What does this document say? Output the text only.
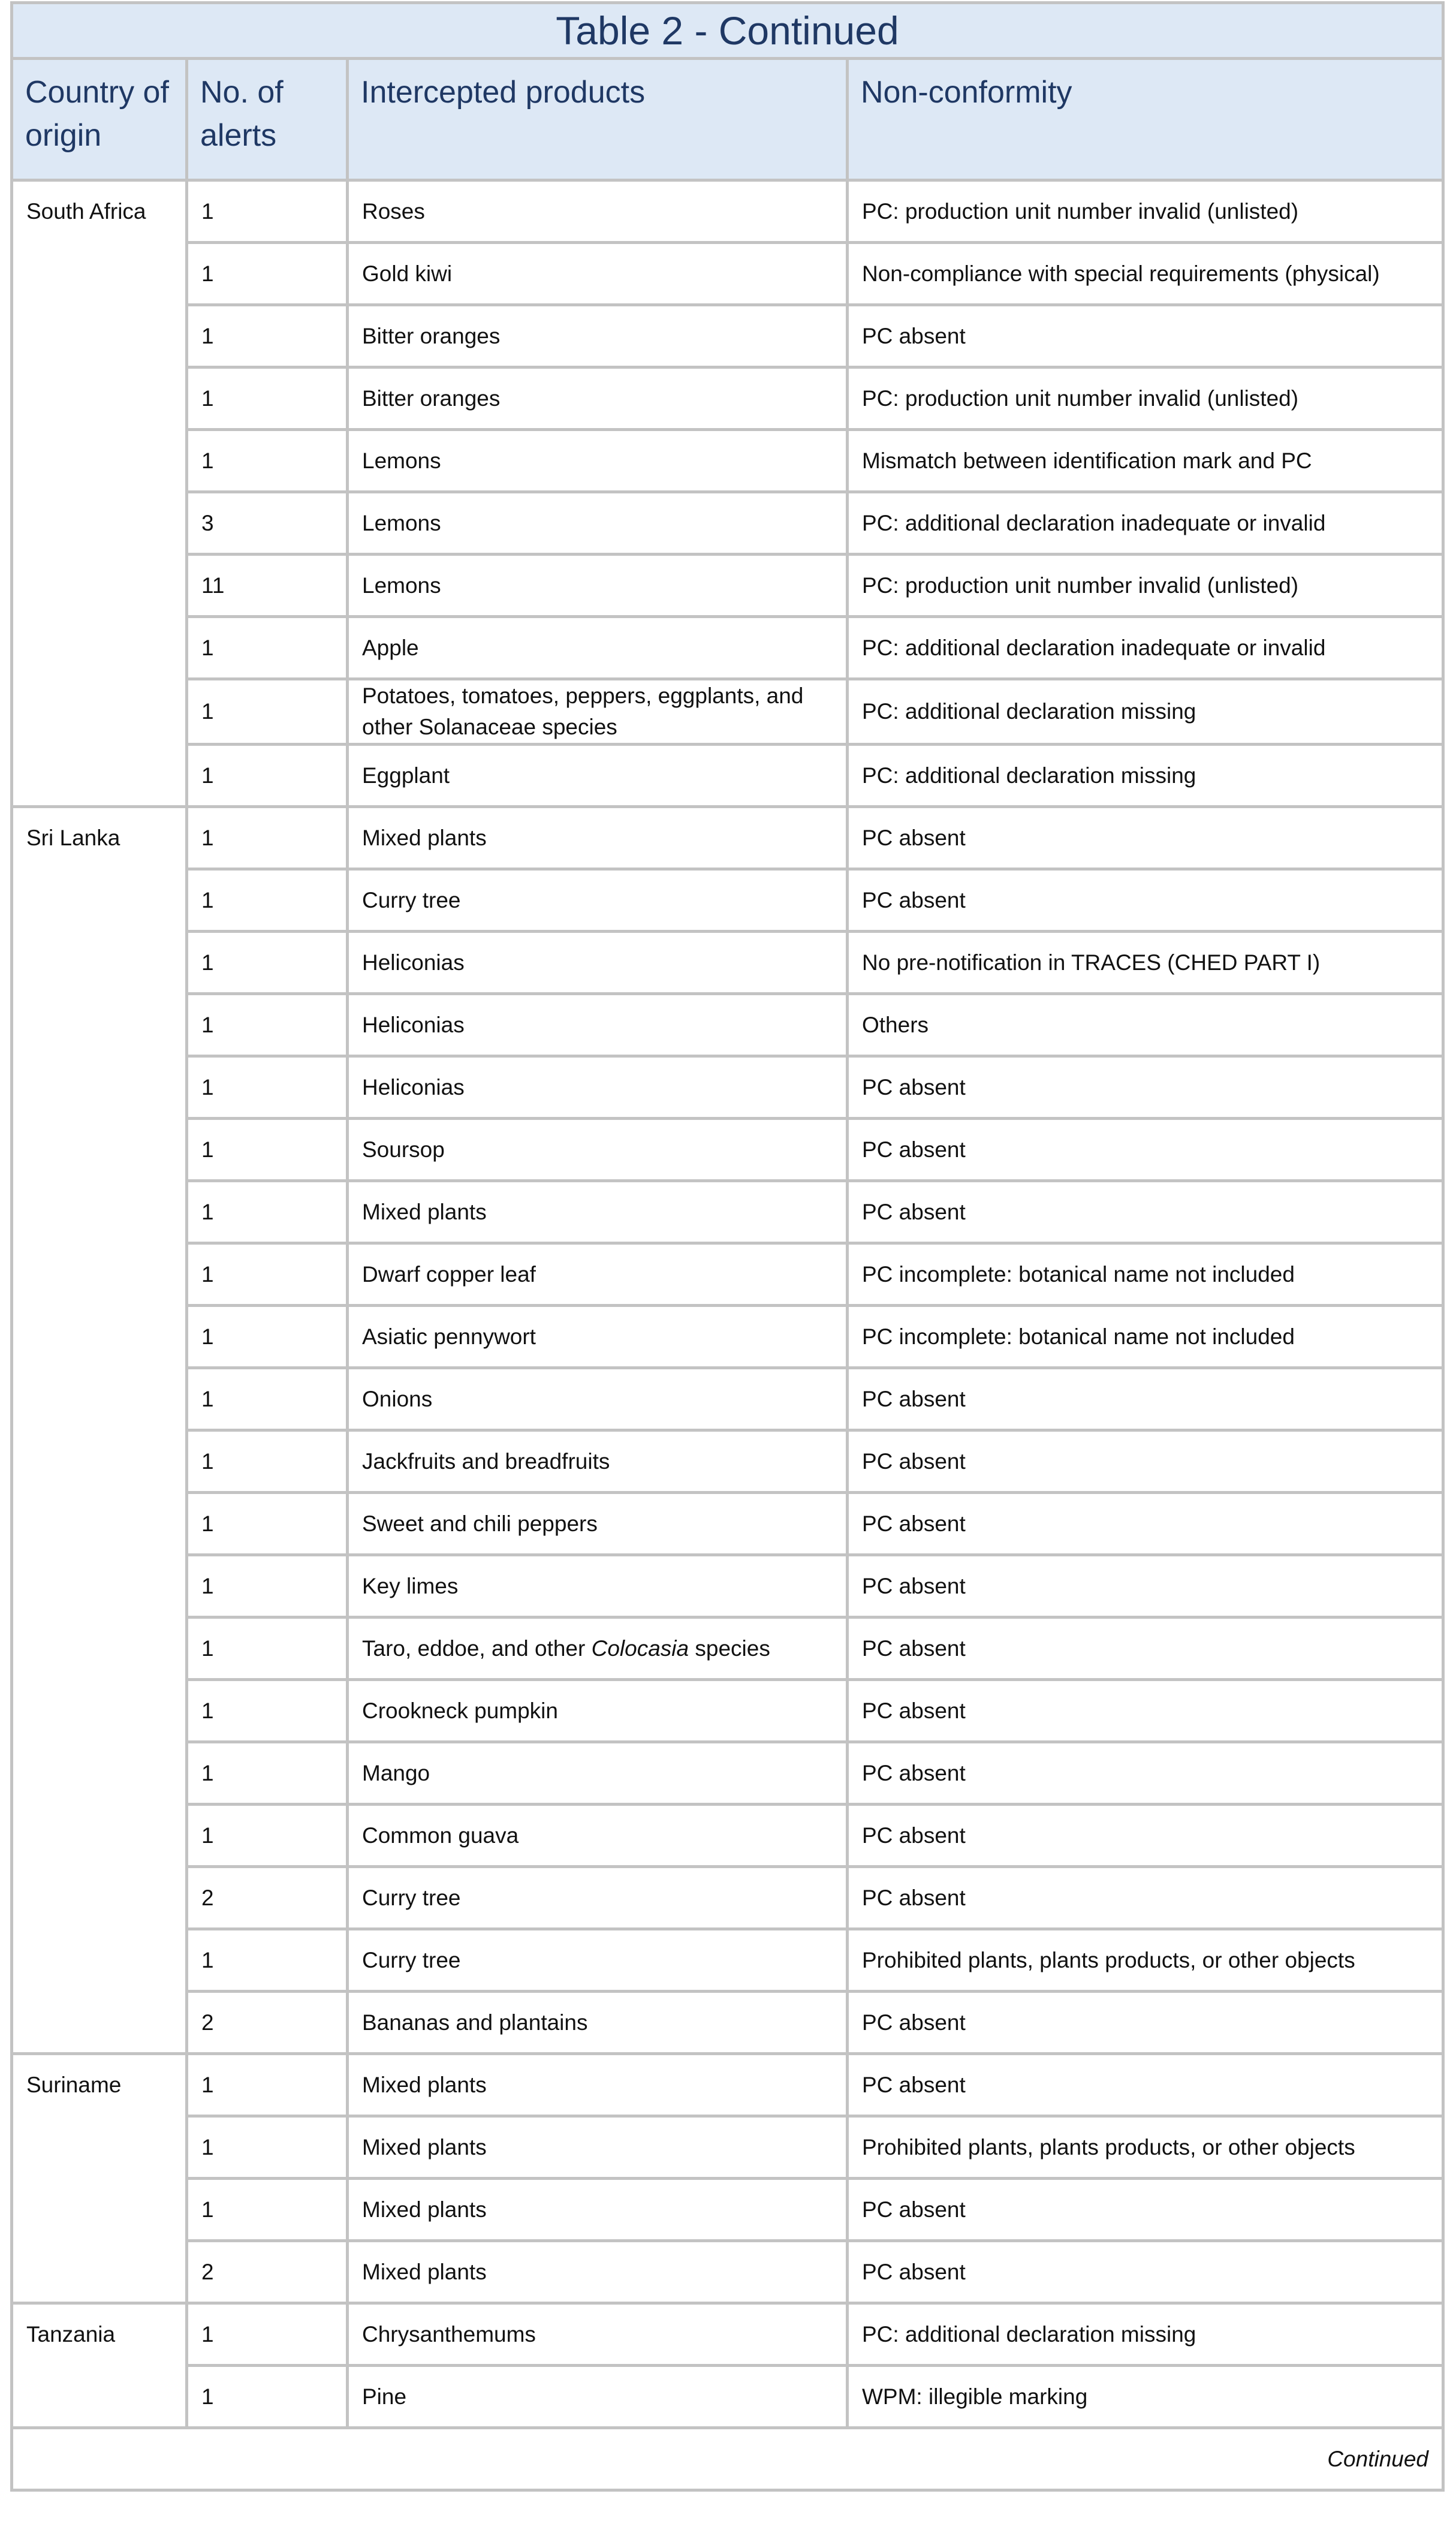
Table 2 - Continued			
Country of origin	No. of alerts	Intercepted products	Non-conformity
South Africa	1	Roses	PC: production unit number invalid (unlisted)
	1	Gold kiwi	Non-compliance with special requirements (physical)
	1	Bitter oranges	PC absent
	1	Bitter oranges	PC: production unit number invalid (unlisted)
	1	Lemons	Mismatch between identification mark and PC
	3	Lemons	PC: additional declaration inadequate or invalid
	11	Lemons	PC: production unit number invalid (unlisted)
	1	Apple	PC: additional declaration inadequate or invalid
	1	Potatoes, tomatoes, peppers, eggplants, and other Solanaceae species	PC: additional declaration missing
	1	Eggplant	PC: additional declaration missing
Sri Lanka	1	Mixed plants	PC absent
	1	Curry tree	PC absent
	1	Heliconias	No pre-notification in TRACES (CHED PART I)
	1	Heliconias	Others
	1	Heliconias	PC absent
	1	Soursop	PC absent
	1	Mixed plants	PC absent
	1	Dwarf copper leaf	PC incomplete: botanical name not included
	1	Asiatic pennywort	PC incomplete: botanical name not included
	1	Onions	PC absent
	1	Jackfruits and breadfruits	PC absent
	1	Sweet and chili peppers	PC absent
	1	Key limes	PC absent
	1	Taro, eddoe, and other Colocasia species	PC absent
	1	Crookneck pumpkin	PC absent
	1	Mango	PC absent
	1	Common guava	PC absent
	2	Curry tree	PC absent
	1	Curry tree	Prohibited plants, plants products, or other objects
	2	Bananas and plantains	PC absent
Suriname	1	Mixed plants	PC absent
	1	Mixed plants	Prohibited plants, plants products, or other objects
	1	Mixed plants	PC absent
	2	Mixed plants	PC absent
Tanzania	1	Chrysanthemums	PC: additional declaration missing
	1	Pine	WPM: illegible marking
Continued			
